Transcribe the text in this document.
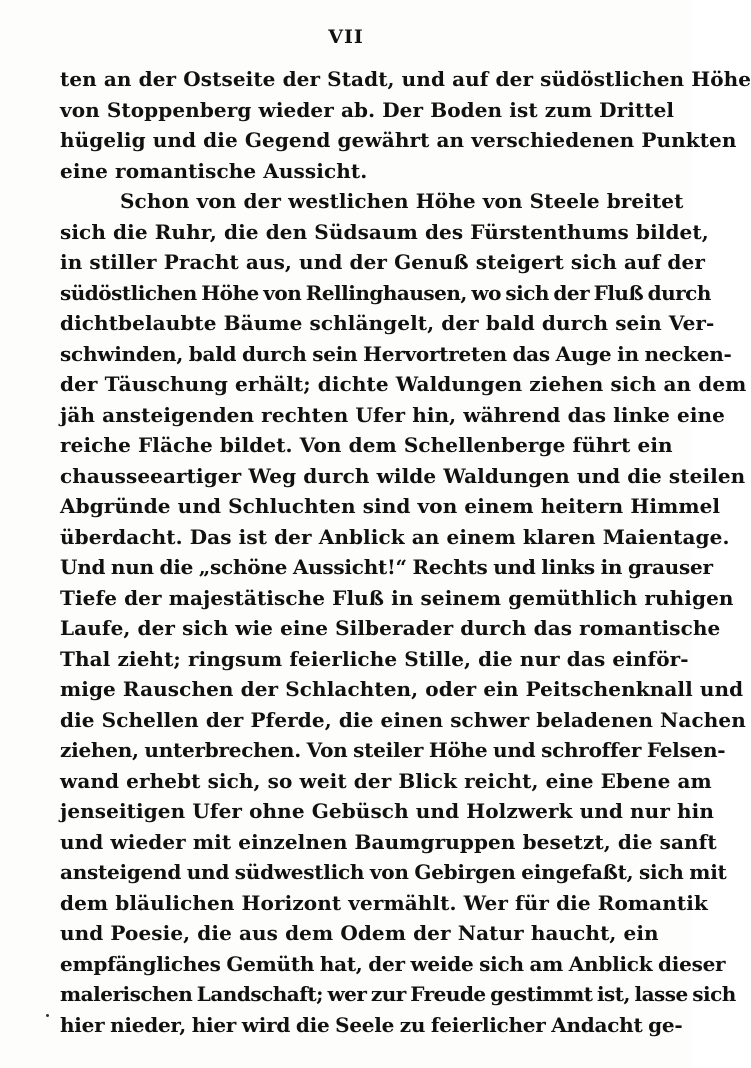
VII
ten an der Ostseite der Stadt, und auf der südöstlichen Höhe
von Stoppenberg wieder ab. Der Boden ist zum Drittel
hügelig und die Gegend gewährt an verschiedenen Punkten
eine romantische Aussicht.
Schon von der westlichen Höhe von Steele breitet
sich die Ruhr, die den Südsaum des Fürstenthums bildet,
in stiller Pracht aus, und der Genuß steigert sich auf der
südöstlichen Höhe von Rellinghausen, wo sich der Fluß durch
dichtbelaubte Bäume schlängelt, der bald durch sein Ver-
schwinden, bald durch sein Hervortreten das Auge in necken-
der Täuschung erhält; dichte Waldungen ziehen sich an dem
jäh ansteigenden rechten Ufer hin, während das linke eine
reiche Fläche bildet. Von dem Schellenberge führt ein
chausseeartiger Weg durch wilde Waldungen und die steilen
Abgründe und Schluchten sind von einem heitern Himmel
überdacht. Das ist der Anblick an einem klaren Maientage.
Und nun die „schöne Aussicht!“ Rechts und links in grauser
Tiefe der majestätische Fluß in seinem gemüthlich ruhigen
Laufe, der sich wie eine Silberader durch das romantische
Thal zieht; ringsum feierliche Stille, die nur das einför-
mige Rauschen der Schlachten, oder ein Peitschenknall und
die Schellen der Pferde, die einen schwer beladenen Nachen
ziehen, unterbrechen. Von steiler Höhe und schroffer Felsen-
wand erhebt sich, so weit der Blick reicht, eine Ebene am
jenseitigen Ufer ohne Gebüsch und Holzwerk und nur hin
und wieder mit einzelnen Baumgruppen besetzt, die sanft
ansteigend und südwestlich von Gebirgen eingefaßt, sich mit
dem bläulichen Horizont vermählt. Wer für die Romantik
und Poesie, die aus dem Odem der Natur haucht, ein
empfängliches Gemüth hat, der weide sich am Anblick dieser
malerischen Landschaft; wer zur Freude gestimmt ist, lasse sich
hier nieder, hier wird die Seele zu feierlicher Andacht ge-
